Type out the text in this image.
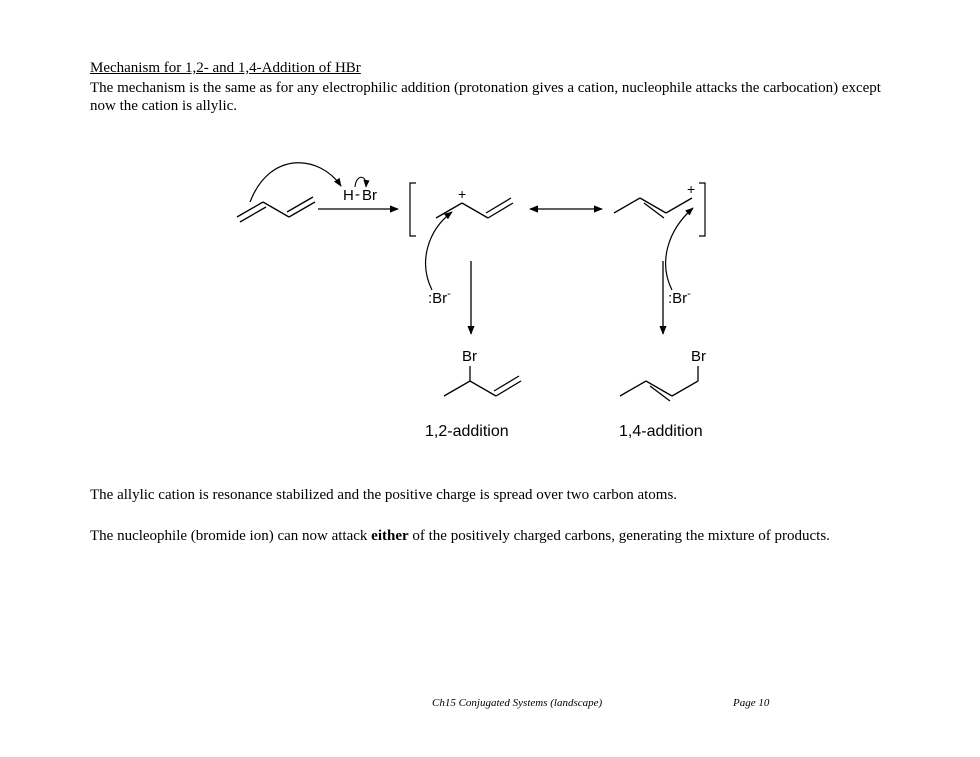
Mechanism for 1,2- and 1,4-Addition of HBr

The mechanism is the same as for any electrophilic addition (protonation gives a cation, nucleophile attacks the carbocation) except now the cation is allylic.

H - Br	+	+
:Br-	:Br-
Br
1,2-addition
Br
1,4-addition

The allylic cation is resonance stabilized and the positive charge is spread over two carbon atoms.

The nucleophile (bromide ion) can now attack either of the positively charged carbons, generating the mixture of products.

Ch15 Conjugated Systems (landscape)	Page 10
